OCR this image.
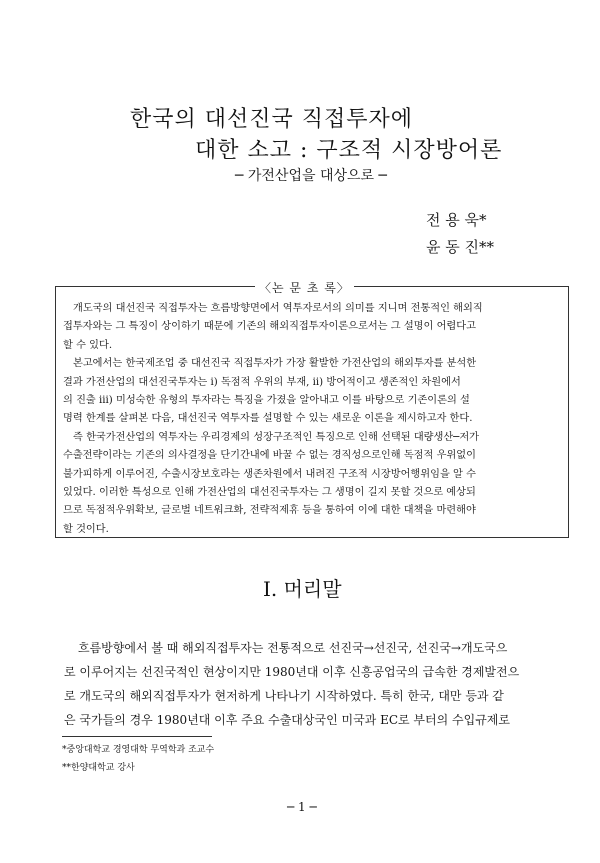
한국의 대선진국 직접투자에
대한 소고 : 구조적 시장방어론
─ 가전산업을 대상으로 ─
전 용 욱*
윤 동 진**
〈논 문 초 록〉
개도국의 대선진국 직접투자는 흐름방향면에서 역투자로서의 의미를 지니며 전통적인 해외직
접투자와는 그 특징이 상이하기 때문에 기존의 해외직접투자이론으로서는 그 설명이 어렵다고
할 수 있다.
본고에서는 한국제조업 중 대선진국 직접투자가 가장 활발한 가전산업의 해외투자를 분석한
결과 가전산업의 대선진국투자는 i) 독점적 우위의 부재, ii) 방어적이고 생존적인 차원에서
의 진출 iii) 미성숙한 유형의 투자라는 특징을 가졌을 알아내고 이를 바탕으로 기존이론의 설
명력 한계를 살펴본 다음, 대선진국 역투자를 설명할 수 있는 새로운 이론을 제시하고자 한다.
즉 한국가전산업의 역투자는 우리경제의 성장구조적인 특징으로 인해 선택된 대량생산─저가
수출전략이라는 기존의 의사결정을 단기간내에 바꿀 수 없는 경직성으로인해 독점적 우위없이
불가피하게 이루어진, 수출시장보호라는 생존차원에서 내려진 구조적 시장방어행위임을 알 수
있었다. 이러한 특성으로 인해 가전산업의 대선진국투자는 그 생명이 길지 못할 것으로 예상되
므로 독점적우위확보, 글로벌 네트워크화, 전략적제휴 등을 통하여 이에 대한 대책을 마련해야
할 것이다.
Ⅰ. 머리말
흐름방향에서 볼 때 해외직접투자는 전통적으로 선진국→선진국, 선진국→개도국으
로 이루어지는 선진국적인 현상이지만 1980년대 이후 신흥공업국의 급속한 경제발전으
로 개도국의 해외직접투자가 현저하게 나타나기 시작하였다. 특히 한국, 대만 등과 같
은 국가들의 경우 1980년대 이후 주요 수출대상국인 미국과 EC로 부터의 수입규제로
*중앙대학교 경영대학 무역학과 조교수
**한양대학교 강사
─ 1 ─
